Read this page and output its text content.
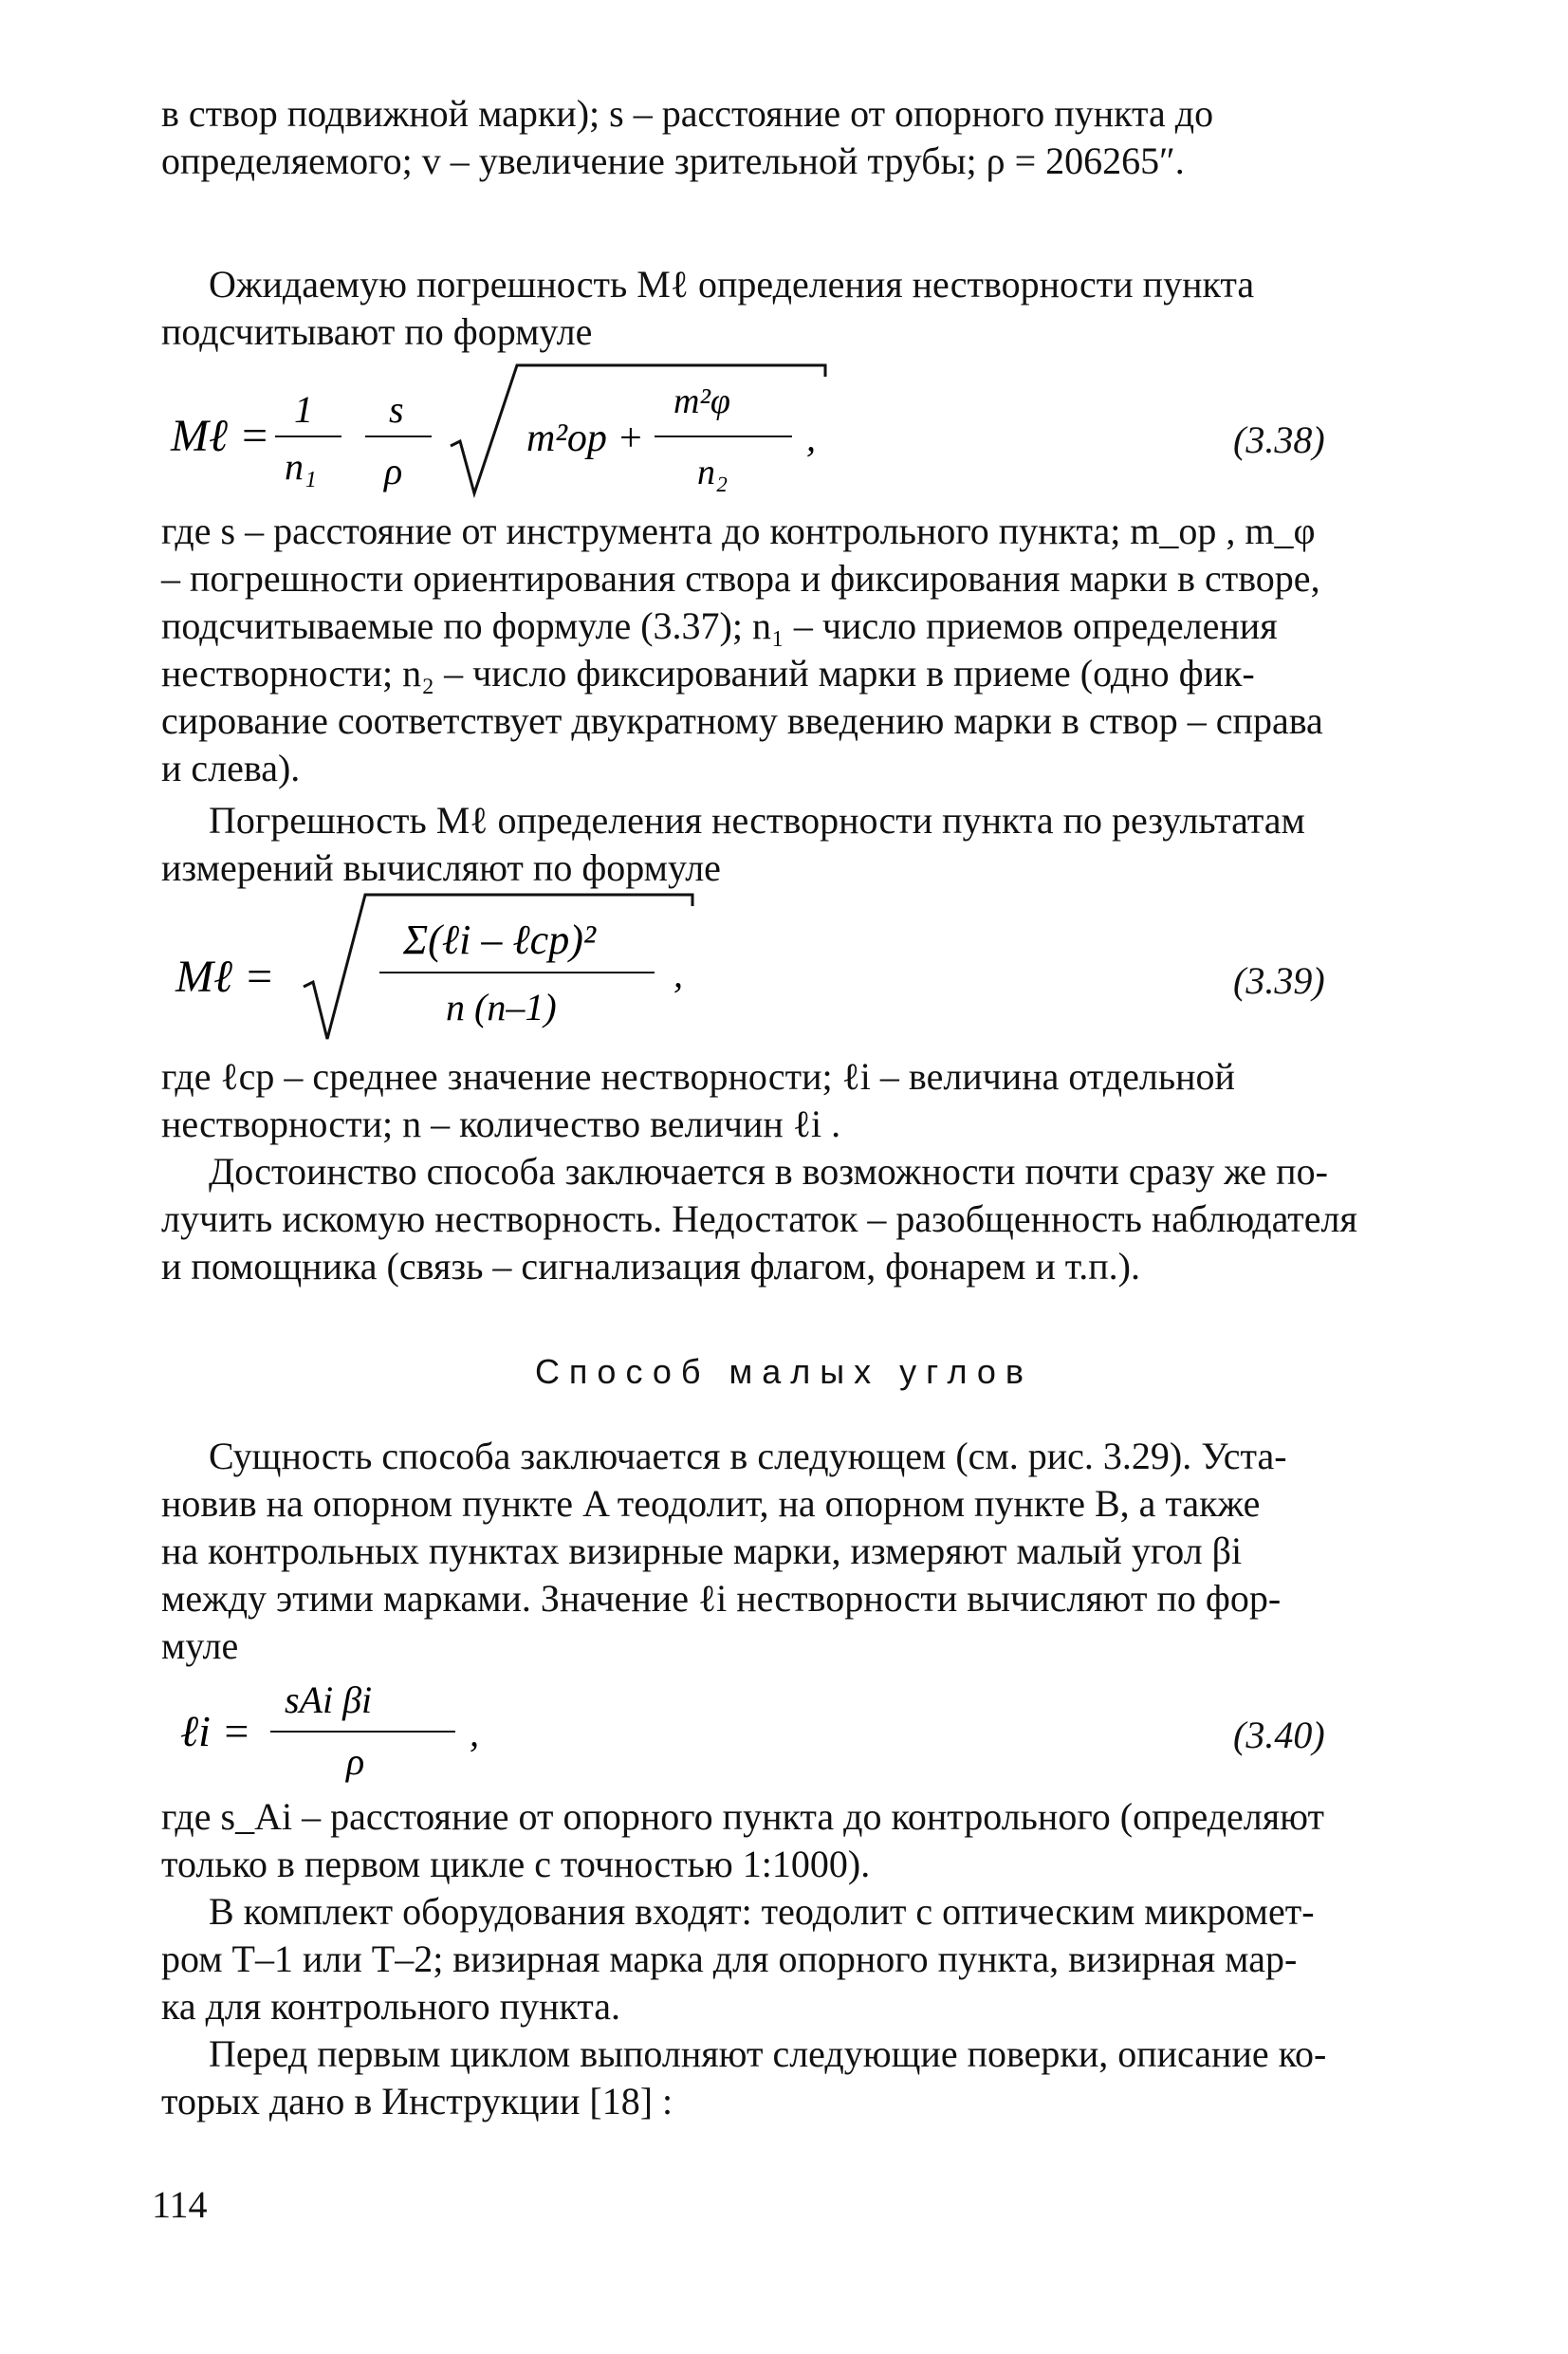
в створ подвижной марки); s – расстояние от опорного пункта до
определяемого; v – увеличение зрительной трубы; ρ = 206265″.
Ожидаемую погрешность Mℓ определения нестворности пункта
подсчитывают по формуле
Mℓ =
1
n₁
s
ρ
m²op +
m²φ
n₂
,	(3.38)
где s – расстояние от инструмента до контрольного пункта; m_op , m_φ
– погрешности ориентирования створа и фиксирования марки в створе,
подсчитываемые по формуле (3.37); n₁ – число приемов определения
нестворности; n₂ – число фиксирований марки в приеме (одно фик-
сирование соответствует двукратному введению марки в створ – справа
и слева).
Погрешность Mℓ определения нестворности пункта по результатам
измерений вычисляют по формуле
Mℓ =
Σ(ℓi – ℓcp)²
n (n–1)
,	(3.39)
где ℓcp – среднее значение нестворности; ℓi – величина отдельной
нестворности; n – количество величин ℓi .
Достоинство способа заключается в возможности почти сразу же по-
лучить искомую нестворность. Недостаток – разобщенность наблюдателя
и помощника (связь – сигнализация флагом, фонарем и т.п.).
Способ малых углов
Сущность способа заключается в следующем (см. рис. 3.29). Уста-
новив на опорном пункте A теодолит, на опорном пункте B, а также
на контрольных пунктах визирные марки, измеряют малый угол βi
между этими марками. Значение ℓi нестворности вычисляют по фор-
муле
ℓi =
sAi βi
ρ
,	(3.40)
где s_Ai – расстояние от опорного пункта до контрольного (определяют
только в первом цикле с точностью 1:1000).
В комплект оборудования входят: теодолит с оптическим микромет-
ром Т–1 или Т–2; визирная марка для опорного пункта, визирная мар-
ка для контрольного пункта.
Перед первым циклом выполняют следующие поверки, описание ко-
торых дано в Инструкции [18] :
114
